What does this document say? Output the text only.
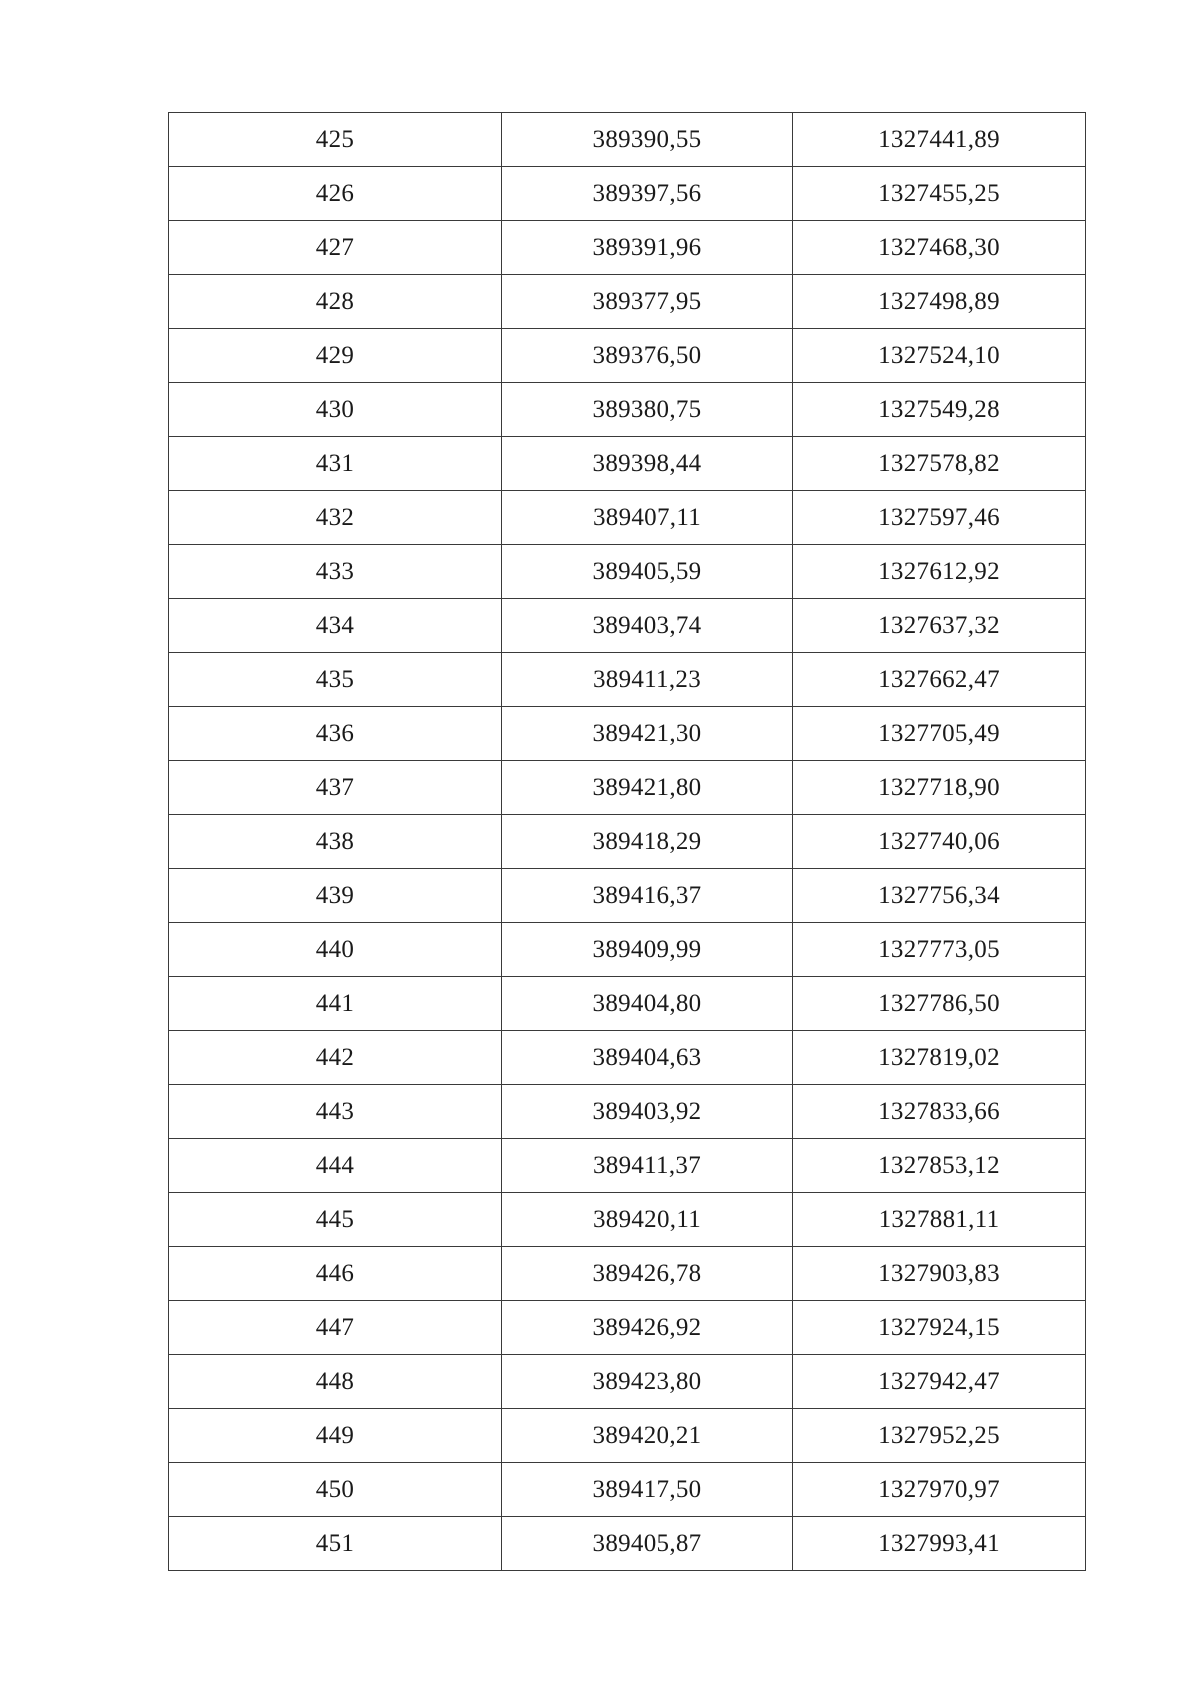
425	389390,55	1327441,89
426	389397,56	1327455,25
427	389391,96	1327468,30
428	389377,95	1327498,89
429	389376,50	1327524,10
430	389380,75	1327549,28
431	389398,44	1327578,82
432	389407,11	1327597,46
433	389405,59	1327612,92
434	389403,74	1327637,32
435	389411,23	1327662,47
436	389421,30	1327705,49
437	389421,80	1327718,90
438	389418,29	1327740,06
439	389416,37	1327756,34
440	389409,99	1327773,05
441	389404,80	1327786,50
442	389404,63	1327819,02
443	389403,92	1327833,66
444	389411,37	1327853,12
445	389420,11	1327881,11
446	389426,78	1327903,83
447	389426,92	1327924,15
448	389423,80	1327942,47
449	389420,21	1327952,25
450	389417,50	1327970,97
451	389405,87	1327993,41
